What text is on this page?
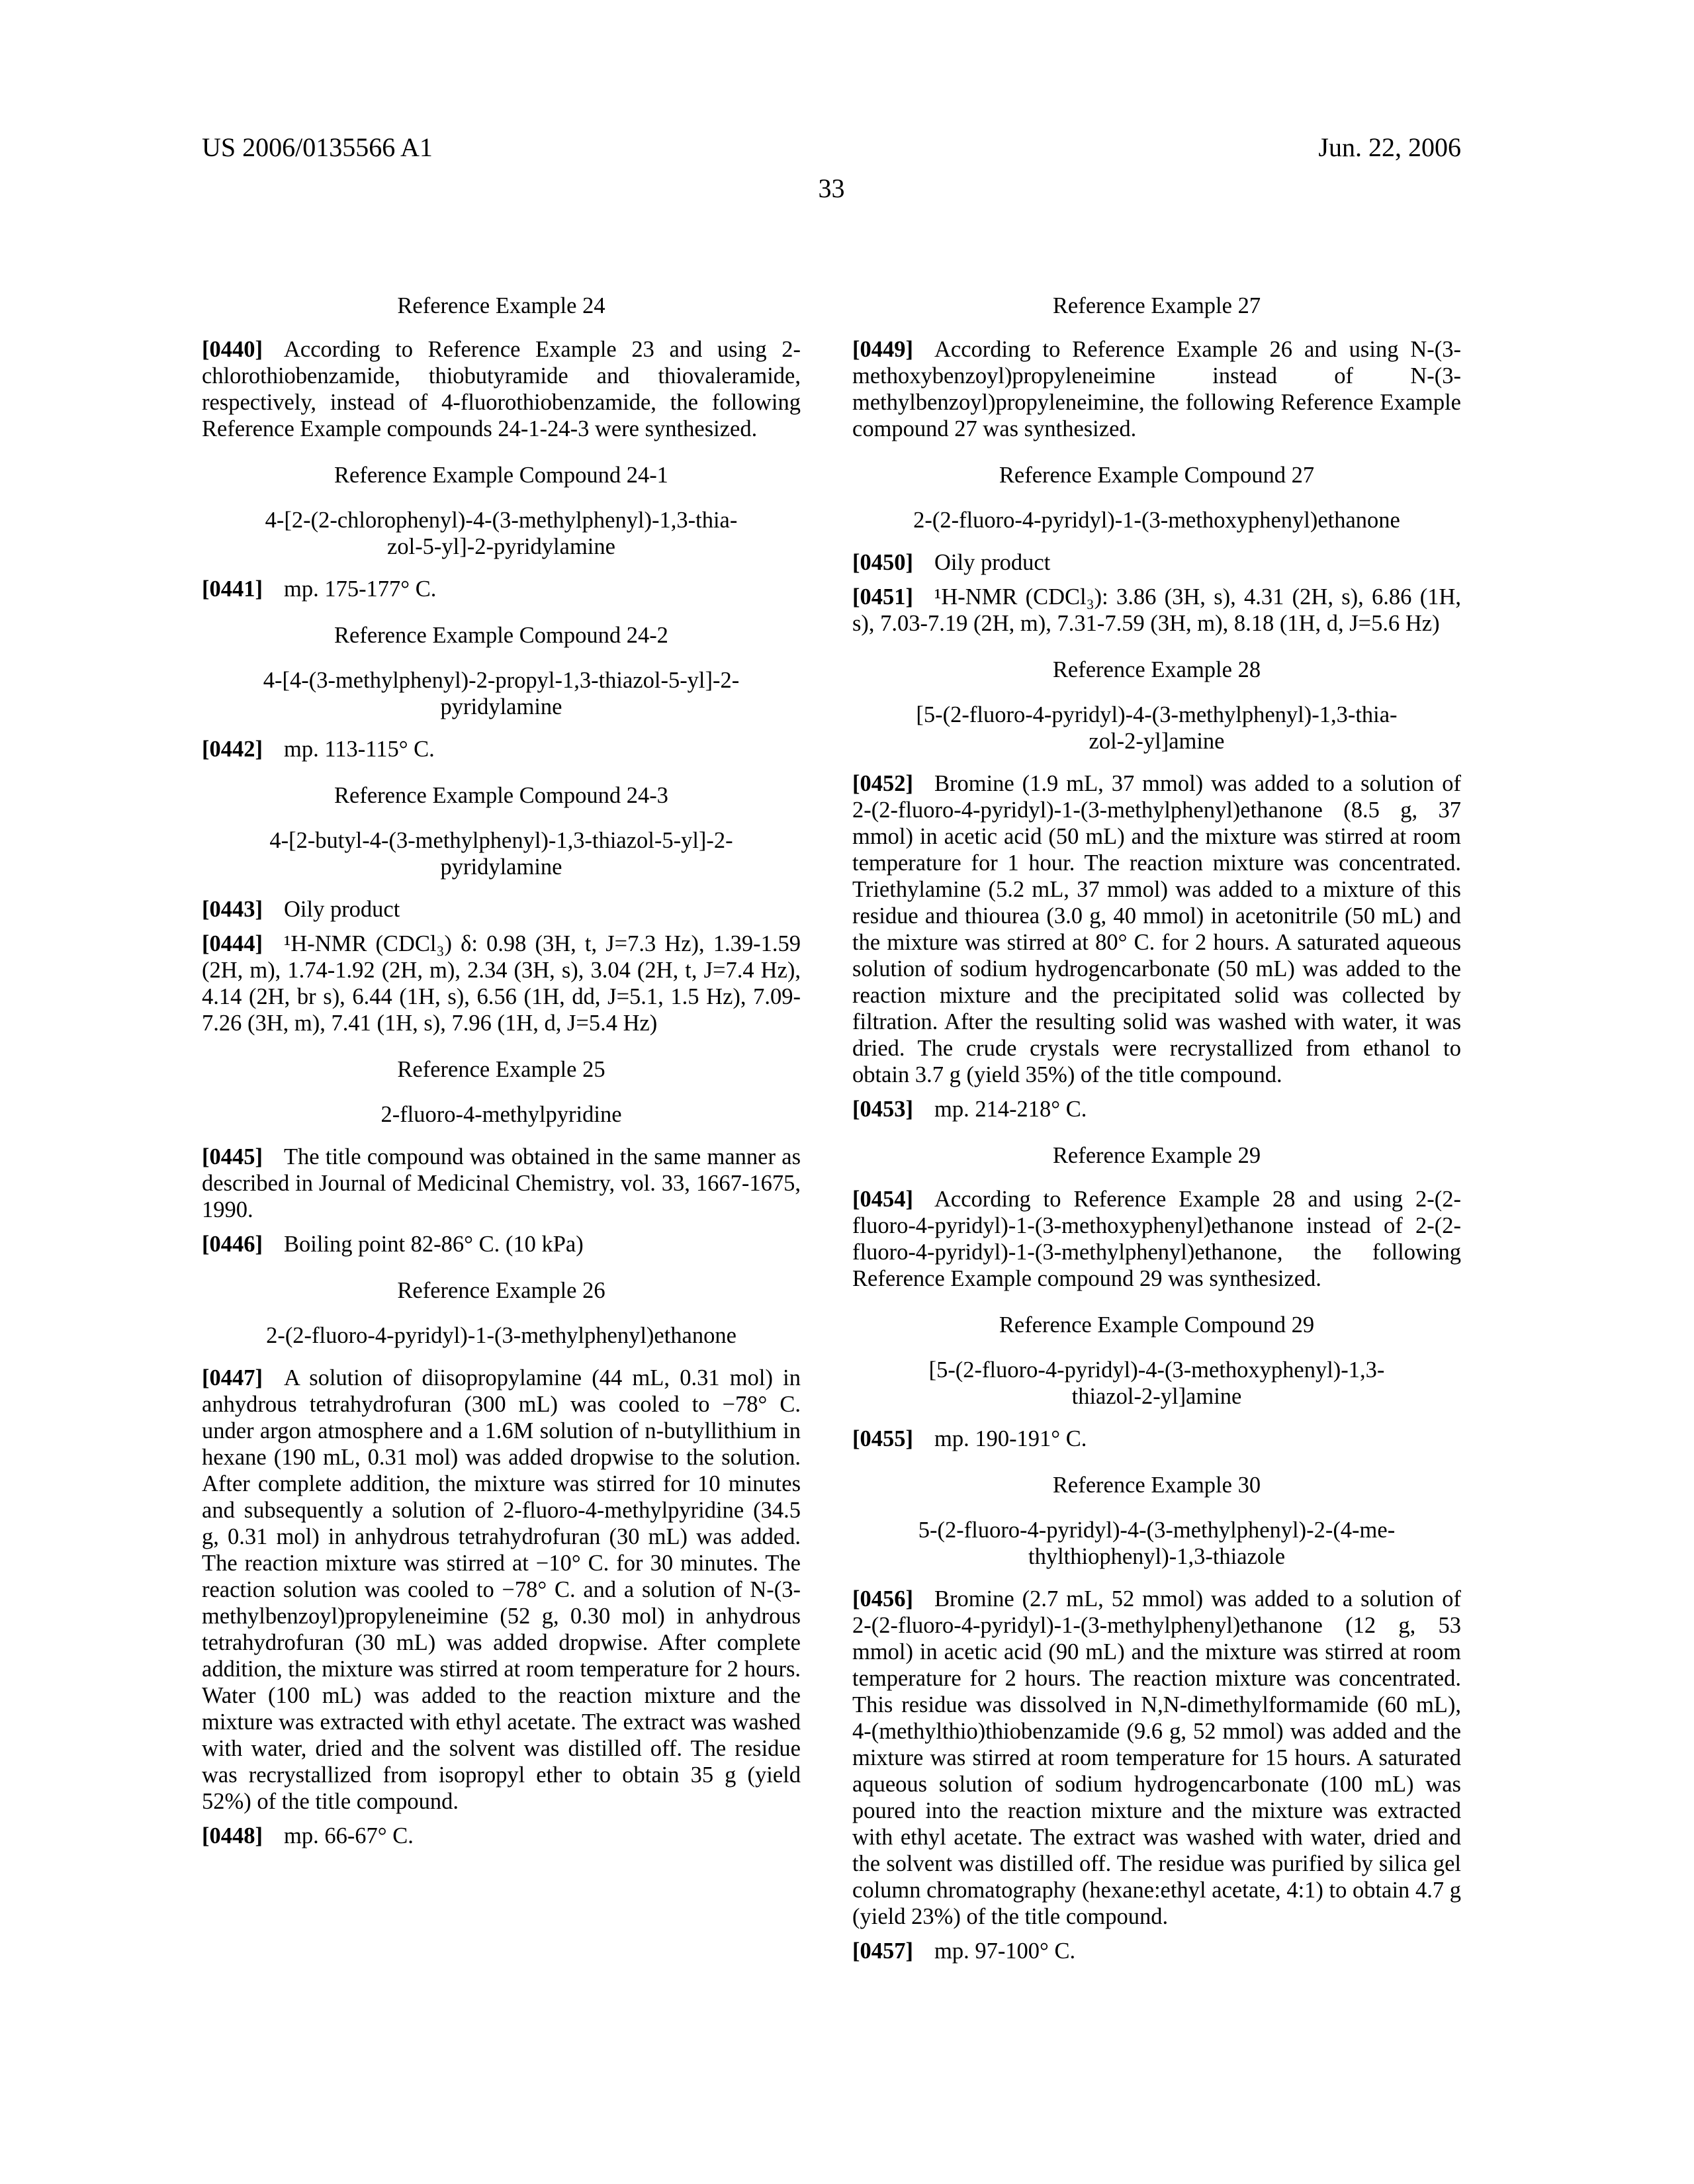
US 2006/0135566 A1	Jun. 22, 2006
33
Reference Example 24
[0440] According to Reference Example 23 and using 2-chlorothiobenzamide, thiobutyramide and thiovaleramide, respectively, instead of 4-fluorothiobenzamide, the following Reference Example compounds 24-1-24-3 were synthesized.
Reference Example Compound 24-1
4-[2-(2-chlorophenyl)-4-(3-methylphenyl)-1,3-thia-
zol-5-yl]-2-pyridylamine
[0441] mp. 175-177° C.
Reference Example Compound 24-2
4-[4-(3-methylphenyl)-2-propyl-1,3-thiazol-5-yl]-2-
pyridylamine
[0442] mp. 113-115° C.
Reference Example Compound 24-3
4-[2-butyl-4-(3-methylphenyl)-1,3-thiazol-5-yl]-2-
pyridylamine
[0443] Oily product
[0444] ¹H-NMR (CDCl₃) δ: 0.98 (3H, t, J=7.3 Hz), 1.39-1.59 (2H, m), 1.74-1.92 (2H, m), 2.34 (3H, s), 3.04 (2H, t, J=7.4 Hz), 4.14 (2H, br s), 6.44 (1H, s), 6.56 (1H, dd, J=5.1, 1.5 Hz), 7.09-7.26 (3H, m), 7.41 (1H, s), 7.96 (1H, d, J=5.4 Hz)
Reference Example 25
2-fluoro-4-methylpyridine
[0445] The title compound was obtained in the same manner as described in Journal of Medicinal Chemistry, vol. 33, 1667-1675, 1990.
[0446] Boiling point 82-86° C. (10 kPa)
Reference Example 26
2-(2-fluoro-4-pyridyl)-1-(3-methylphenyl)ethanone
[0447] A solution of diisopropylamine (44 mL, 0.31 mol) in anhydrous tetrahydrofuran (300 mL) was cooled to −78° C. under argon atmosphere and a 1.6M solution of n-butyllithium in hexane (190 mL, 0.31 mol) was added dropwise to the solution. After complete addition, the mixture was stirred for 10 minutes and subsequently a solution of 2-fluoro-4-methylpyridine (34.5 g, 0.31 mol) in anhydrous tetrahydrofuran (30 mL) was added. The reaction mixture was stirred at −10° C. for 30 minutes. The reaction solution was cooled to −78° C. and a solution of N-(3-methylbenzoyl)propyleneimine (52 g, 0.30 mol) in anhydrous tetrahydrofuran (30 mL) was added dropwise. After complete addition, the mixture was stirred at room temperature for 2 hours. Water (100 mL) was added to the reaction mixture and the mixture was extracted with ethyl acetate. The extract was washed with water, dried and the solvent was distilled off. The residue was recrystallized from isopropyl ether to obtain 35 g (yield 52%) of the title compound.
[0448] mp. 66-67° C.
Reference Example 27
[0449] According to Reference Example 26 and using N-(3-methoxybenzoyl)propyleneimine instead of N-(3-methylbenzoyl)propyleneimine, the following Reference Example compound 27 was synthesized.
Reference Example Compound 27
2-(2-fluoro-4-pyridyl)-1-(3-methoxyphenyl)ethanone
[0450] Oily product
[0451] ¹H-NMR (CDCl₃): 3.86 (3H, s), 4.31 (2H, s), 6.86 (1H, s), 7.03-7.19 (2H, m), 7.31-7.59 (3H, m), 8.18 (1H, d, J=5.6 Hz)
Reference Example 28
[5-(2-fluoro-4-pyridyl)-4-(3-methylphenyl)-1,3-thia-
zol-2-yl]amine
[0452] Bromine (1.9 mL, 37 mmol) was added to a solution of 2-(2-fluoro-4-pyridyl)-1-(3-methylphenyl)ethanone (8.5 g, 37 mmol) in acetic acid (50 mL) and the mixture was stirred at room temperature for 1 hour. The reaction mixture was concentrated. Triethylamine (5.2 mL, 37 mmol) was added to a mixture of this residue and thiourea (3.0 g, 40 mmol) in acetonitrile (50 mL) and the mixture was stirred at 80° C. for 2 hours. A saturated aqueous solution of sodium hydrogencarbonate (50 mL) was added to the reaction mixture and the precipitated solid was collected by filtration. After the resulting solid was washed with water, it was dried. The crude crystals were recrystallized from ethanol to obtain 3.7 g (yield 35%) of the title compound.
[0453] mp. 214-218° C.
Reference Example 29
[0454] According to Reference Example 28 and using 2-(2-fluoro-4-pyridyl)-1-(3-methoxyphenyl)ethanone instead of 2-(2-fluoro-4-pyridyl)-1-(3-methylphenyl)ethanone, the following Reference Example compound 29 was synthesized.
Reference Example Compound 29
[5-(2-fluoro-4-pyridyl)-4-(3-methoxyphenyl)-1,3-
thiazol-2-yl]amine
[0455] mp. 190-191° C.
Reference Example 30
5-(2-fluoro-4-pyridyl)-4-(3-methylphenyl)-2-(4-me-
thylthiophenyl)-1,3-thiazole
[0456] Bromine (2.7 mL, 52 mmol) was added to a solution of 2-(2-fluoro-4-pyridyl)-1-(3-methylphenyl)ethanone (12 g, 53 mmol) in acetic acid (90 mL) and the mixture was stirred at room temperature for 2 hours. The reaction mixture was concentrated. This residue was dissolved in N,N-dimethylformamide (60 mL), 4-(methylthio)thiobenzamide (9.6 g, 52 mmol) was added and the mixture was stirred at room temperature for 15 hours. A saturated aqueous solution of sodium hydrogencarbonate (100 mL) was poured into the reaction mixture and the mixture was extracted with ethyl acetate. The extract was washed with water, dried and the solvent was distilled off. The residue was purified by silica gel column chromatography (hexane:ethyl acetate, 4:1) to obtain 4.7 g (yield 23%) of the title compound.
[0457] mp. 97-100° C.
